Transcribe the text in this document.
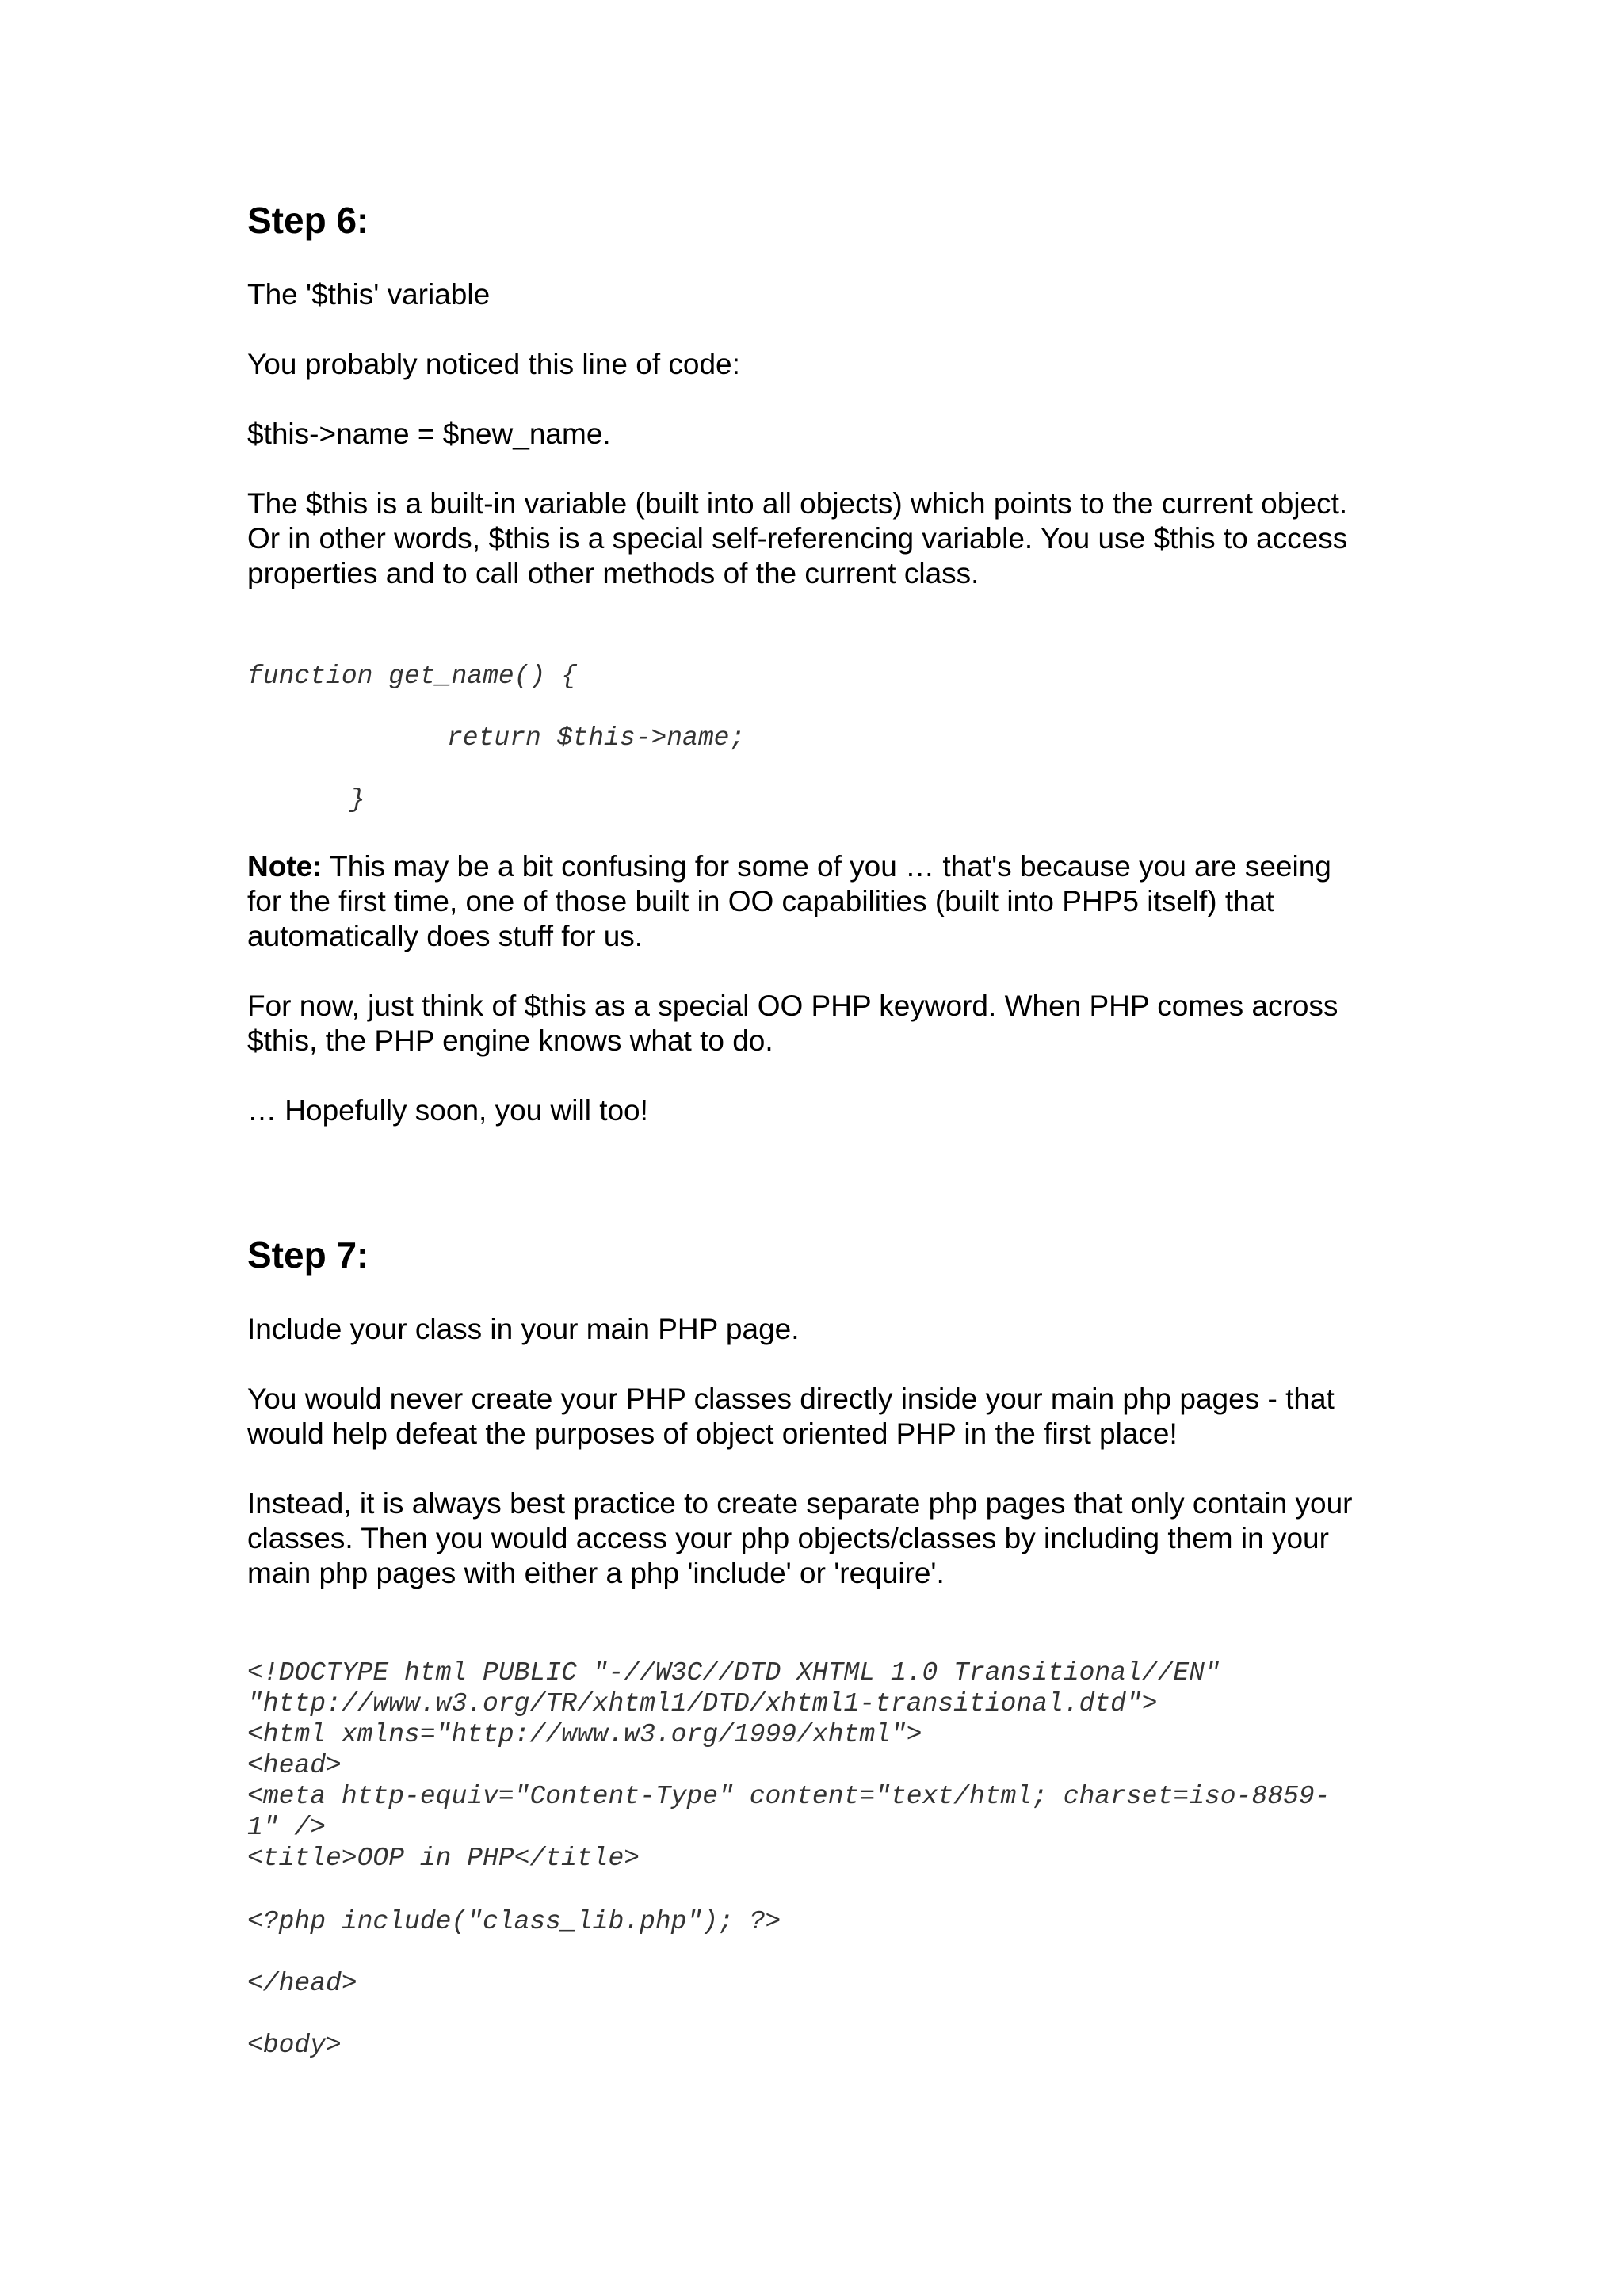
Step 6:

The '$this' variable

You probably noticed this line of code:

$this->name = $new_name.

The $this is a built-in variable (built into all objects) which points to the current object.
Or in other words, $this is a special self-referencing variable. You use $this to access
properties and to call other methods of the current class.
function get_name() {
return $this->name;
}
Note: This may be a bit confusing for some of you … that's because you are seeing
for the first time, one of those built in OO capabilities (built into PHP5 itself) that
automatically does stuff for us.
For now, just think of $this as a special OO PHP keyword. When PHP comes across
$this, the PHP engine knows what to do.

… Hopefully soon, you will too!

Step 7:

Include your class in your main PHP page.

You would never create your PHP classes directly inside your main php pages - that
would help defeat the purposes of object oriented PHP in the first place!
Instead, it is always best practice to create separate php pages that only contain your
classes. Then you would access your php objects/classes by including them in your
main php pages with either a php 'include' or 'require'.
<!DOCTYPE html PUBLIC "-//W3C//DTD XHTML 1.0 Transitional//EN"
"http://www.w3.org/TR/xhtml1/DTD/xhtml1-transitional.dtd">
<html xmlns="http://www.w3.org/1999/xhtml">
<head>
<meta http-equiv="Content-Type" content="text/html; charset=iso-8859-
1" />
<title>OOP in PHP</title>
<?php include("class_lib.php"); ?>
</head>
<body>
